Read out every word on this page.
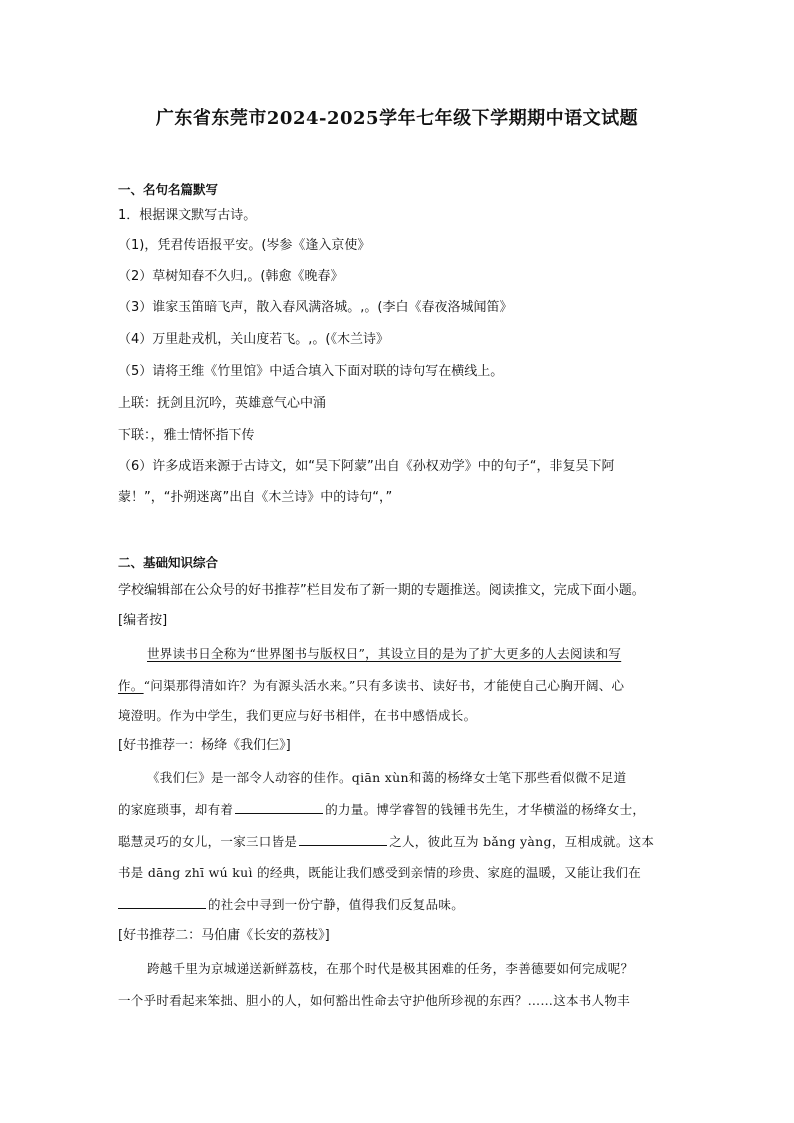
广东省东莞市2024-2025学年七年级下学期期中语文试题
一、名句名篇默写
1．根据课文默写古诗。
（1)，凭君传语报平安。(岑参《逢入京使》
（2）草树知春不久归,。(韩愈《晚春》
（3）谁家玉笛暗飞声，散入春风满洛城。,。(李白《春夜洛城闻笛》
（4）万里赴戎机，关山度若飞。,。(《木兰诗》
（5）请将王维《竹里馆》中适合填入下面对联的诗句写在横线上。
上联：抚剑且沉吟，英雄意气心中涌
下联：，雅士情怀指下传
（6）许多成语来源于古诗文，如“吴下阿蒙”出自《孙权劝学》中的句子“，非复吴下阿
蒙！”，“扑朔迷离”出自《木兰诗》中的诗句“，”
二、基础知识综合
学校编辑部在公众号的好书推荐”栏目发布了新一期的专题推送。阅读推文，完成下面小题。
[编者按]
世界读书日全称为“世界图书与版权日”，其设立目的是为了扩大更多的人去阅读和写
作。“问渠那得清如许？为有源头活水来。”只有多读书、读好书，才能使自己心胸开阔、心
境澄明。作为中学生，我们更应与好书相伴，在书中感悟成长。
[好书推荐一：杨绛《我们仨》]
《我们仨》是一部令人动容的佳作。qiān xùn和蔼的杨绛女士笔下那些看似微不足道
的家庭琐事，却有着	的力量。博学睿智的钱锺书先生，才华横溢的杨绛女士，
聪慧灵巧的女儿，一家三口皆是	之人，彼此互为 bǎng yàng，互相成就。这本
书是 dāng zhī wú kuì 的经典，既能让我们感受到亲情的珍贵、家庭的温暖，又能让我们在
的社会中寻到一份宁静，值得我们反复品味。
[好书推荐二：马伯庸《长安的荔枝》]
跨越千里为京城递送新鲜荔枝，在那个时代是极其困难的任务，李善德要如何完成呢？
一个乎时看起来笨拙、胆小的人，如何豁出性命去守护他所珍视的东西？……这本书人物丰
